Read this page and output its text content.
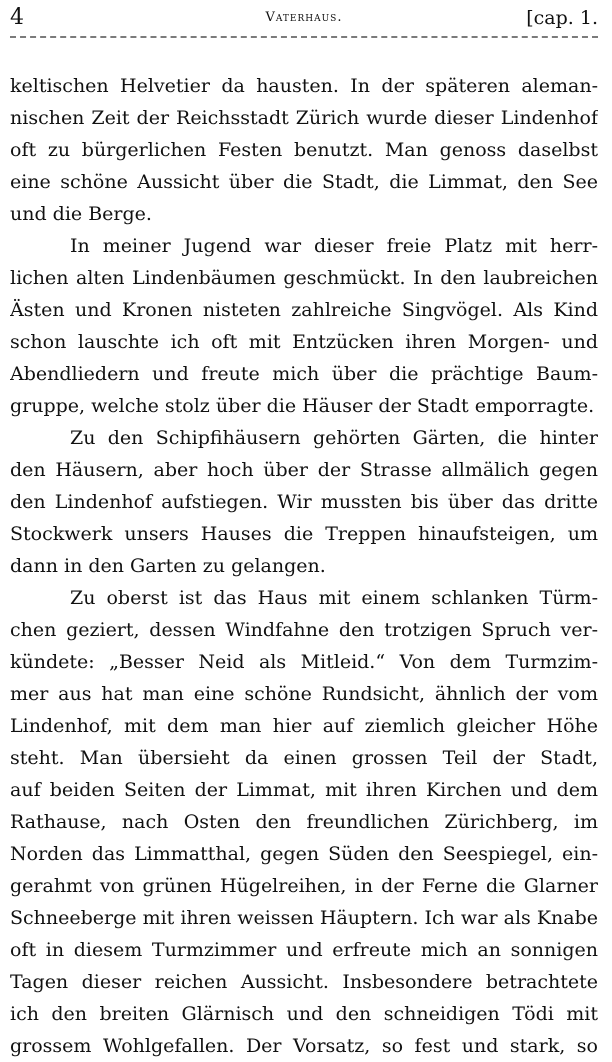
4	Vaterhaus.	[cap. 1.
keltischen Helvetier da hausten. In der späteren aleman-
nischen Zeit der Reichsstadt Zürich wurde dieser Lindenhof
oft zu bürgerlichen Festen benutzt. Man genoss daselbst
eine schöne Aussicht über die Stadt, die Limmat, den See
und die Berge.
In meiner Jugend war dieser freie Platz mit herr-
lichen alten Lindenbäumen geschmückt. In den laubreichen
Ästen und Kronen nisteten zahlreiche Singvögel. Als Kind
schon lauschte ich oft mit Entzücken ihren Morgen- und
Abendliedern und freute mich über die prächtige Baum-
gruppe, welche stolz über die Häuser der Stadt emporragte.
Zu den Schipfihäusern gehörten Gärten, die hinter
den Häusern, aber hoch über der Strasse allmälich gegen
den Lindenhof aufstiegen. Wir mussten bis über das dritte
Stockwerk unsers Hauses die Treppen hinaufsteigen, um
dann in den Garten zu gelangen.
Zu oberst ist das Haus mit einem schlanken Türm-
chen geziert, dessen Windfahne den trotzigen Spruch ver-
kündete: „Besser Neid als Mitleid.“ Von dem Turmzim-
mer aus hat man eine schöne Rundsicht, ähnlich der vom
Lindenhof, mit dem man hier auf ziemlich gleicher Höhe
steht. Man übersieht da einen grossen Teil der Stadt,
auf beiden Seiten der Limmat, mit ihren Kirchen und dem
Rathause, nach Osten den freundlichen Zürichberg, im
Norden das Limmatthal, gegen Süden den Seespiegel, ein-
gerahmt von grünen Hügelreihen, in der Ferne die Glarner
Schneeberge mit ihren weissen Häuptern. Ich war als Knabe
oft in diesem Turmzimmer und erfreute mich an sonnigen
Tagen dieser reichen Aussicht. Insbesondere betrachtete
ich den breiten Glärnisch und den schneidigen Tödi mit
grossem Wohlgefallen. Der Vorsatz, so fest und stark, so
